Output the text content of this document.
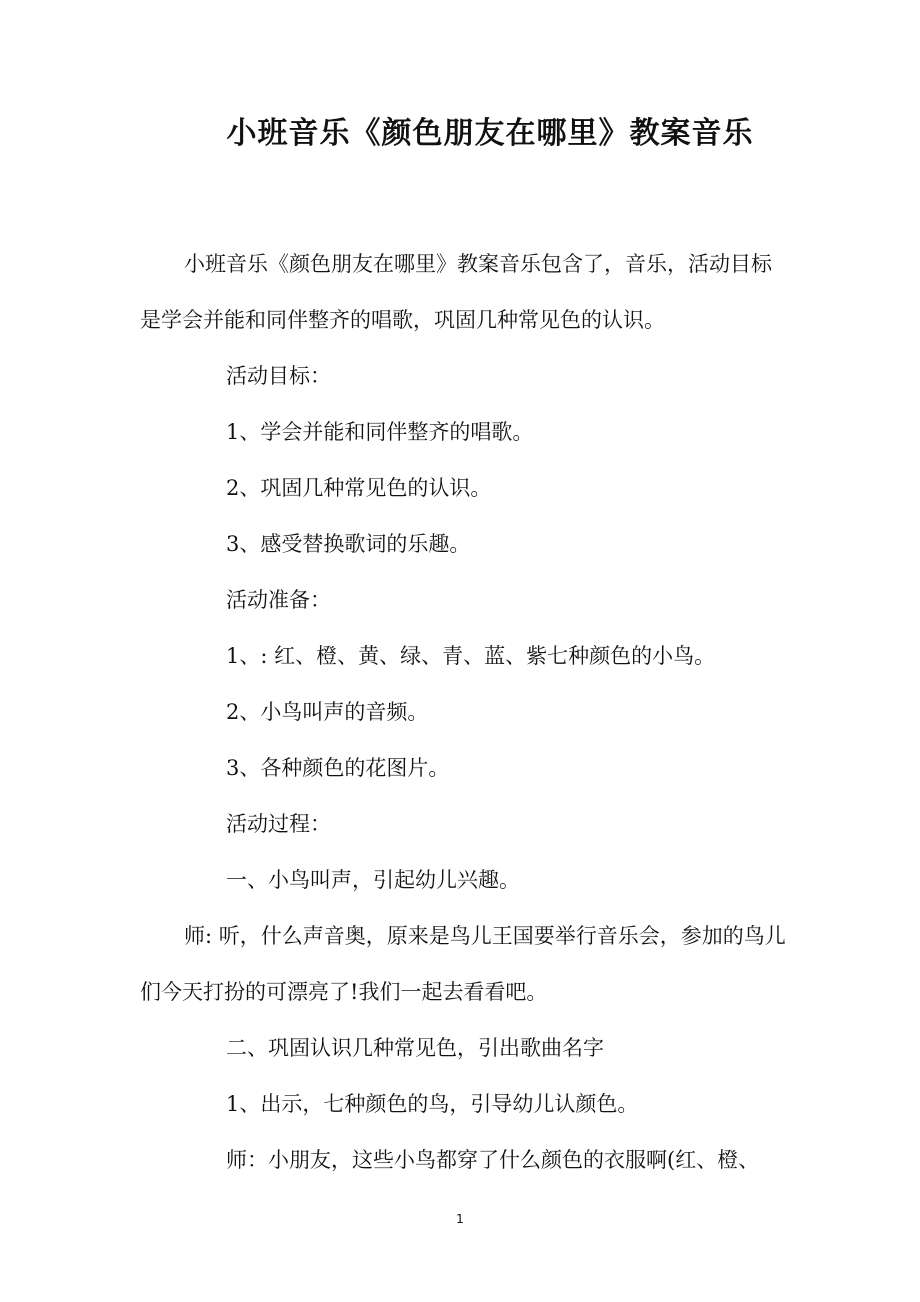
小班音乐《颜色朋友在哪里》教案音乐
小班音乐《颜色朋友在哪里》教案音乐包含了，音乐，活动目标是学会并能和同伴整齐的唱歌，巩固几种常见色的认识。
活动目标：
1、学会并能和同伴整齐的唱歌。
2、巩固几种常见色的认识。
3、感受替换歌词的乐趣。
活动准备：
1、: 红、橙、黄、绿、青、蓝、紫七种颜色的小鸟。
2、小鸟叫声的音频。
3、各种颜色的花图片。
活动过程：
一、小鸟叫声，引起幼儿兴趣。
师: 听，什么声音奥，原来是鸟儿王国要举行音乐会，参加的鸟儿们今天打扮的可漂亮了!我们一起去看看吧。
二、巩固认识几种常见色，引出歌曲名字
1、出示，七种颜色的鸟，引导幼儿认颜色。
师：小朋友，这些小鸟都穿了什么颜色的衣服啊(红、橙、
1
